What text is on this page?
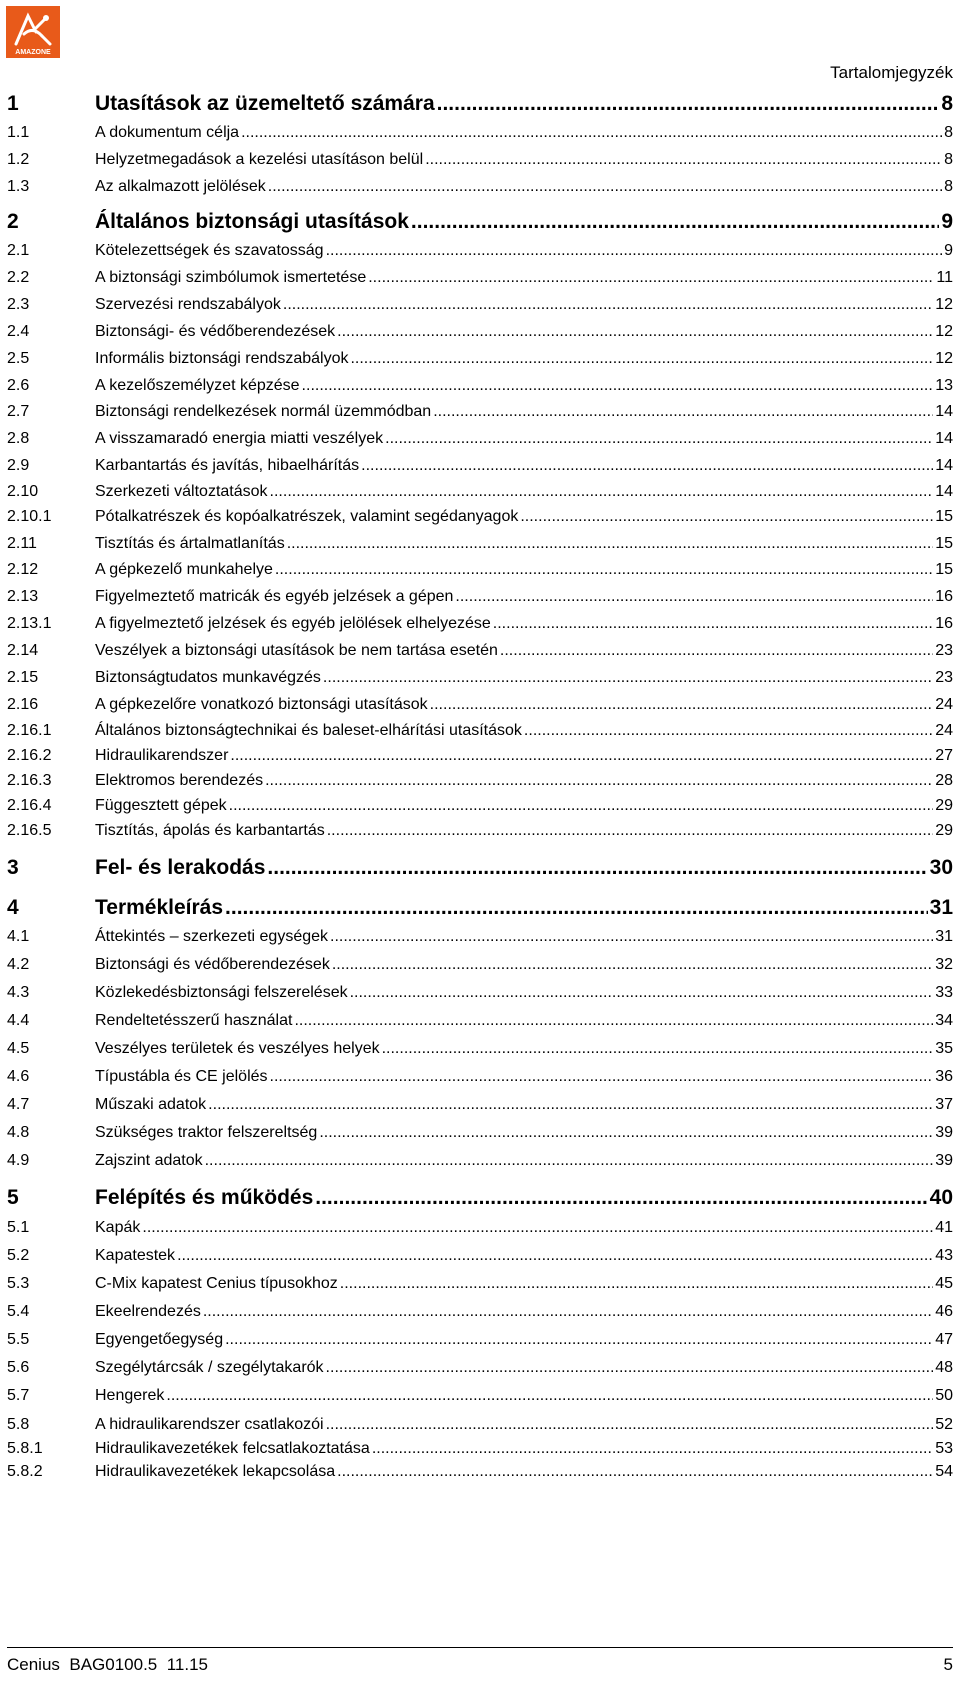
AMAZONE
Tartalomjegyzék
1	Utasítások az üzemeltető számára .....	8
1.1	A dokumentum célja .....	8
1.2	Helyzetmegadások a kezelési utasításon belül .....	8
1.3	Az alkalmazott jelölések .....	8
2	Általános biztonsági utasítások .....	9
2.1	Kötelezettségek és szavatosság .....	9
2.2	A biztonsági szimbólumok ismertetése .....	11
2.3	Szervezési rendszabályok .....	12
2.4	Biztonsági- és védőberendezések .....	12
2.5	Informális biztonsági rendszabályok .....	12
2.6	A kezelőszemélyzet képzése .....	13
2.7	Biztonsági rendelkezések normál üzemmódban .....	14
2.8	A visszamaradó energia miatti veszélyek .....	14
2.9	Karbantartás és javítás, hibaelhárítás .....	14
2.10	Szerkezeti változtatások .....	14
2.10.1	Pótalkatrészek és kopóalkatrészek, valamint segédanyagok .....	15
2.11	Tisztítás és ártalmatlanítás .....	15
2.12	A gépkezelő munkahelye .....	15
2.13	Figyelmeztető matricák és egyéb jelzések a gépen .....	16
2.13.1	A figyelmeztető jelzések és egyéb jelölések elhelyezése .....	16
2.14	Veszélyek a biztonsági utasítások be nem tartása esetén .....	23
2.15	Biztonságtudatos munkavégzés .....	23
2.16	A gépkezelőre vonatkozó biztonsági utasítások .....	24
2.16.1	Általános biztonságtechnikai és baleset-elhárítási utasítások .....	24
2.16.2	Hidraulikarendszer .....	27
2.16.3	Elektromos berendezés .....	28
2.16.4	Függesztett gépek .....	29
2.16.5	Tisztítás, ápolás és karbantartás .....	29
3	Fel- és lerakodás .....	30
4	Termékleírás .....	31
4.1	Áttekintés – szerkezeti egységek .....	31
4.2	Biztonsági és védőberendezések .....	32
4.3	Közlekedésbiztonsági felszerelések .....	33
4.4	Rendeltetésszerű használat .....	34
4.5	Veszélyes területek és veszélyes helyek .....	35
4.6	Típustábla és CE jelölés .....	36
4.7	Műszaki adatok .....	37
4.8	Szükséges traktor felszereltség .....	39
4.9	Zajszint adatok .....	39
5	Felépítés és működés .....	40
5.1	Kapák .....	41
5.2	Kapatestek .....	43
5.3	C-Mix kapatest Cenius típusokhoz .....	45
5.4	Ekeelrendezés .....	46
5.5	Egyengetőegység .....	47
5.6	Szegélytárcsák / szegélytakarók .....	48
5.7	Hengerek .....	50
5.8	A hidraulikarendszer csatlakozói .....	52
5.8.1	Hidraulikavezetékek felcsatlakoztatása .....	53
5.8.2	Hidraulikavezetékek lekapcsolása .....	54
Cenius  BAG0100.5  11.15	5
